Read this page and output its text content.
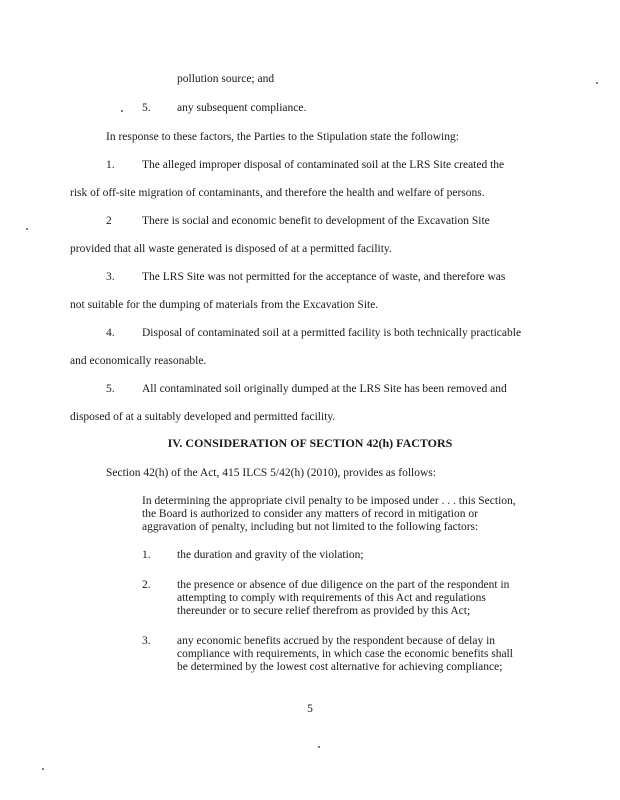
pollution source; and
5. any subsequent compliance.
In response to these factors, the Parties to the Stipulation state the following:
1. The alleged improper disposal of contaminated soil at the LRS Site created the
risk of off-site migration of contaminants, and therefore the health and welfare of persons.
2	There is social and economic benefit to development of the Excavation Site
provided that all waste generated is disposed of at a permitted facility.
3. The LRS Site was not permitted for the acceptance of waste, and therefore was
not suitable for the dumping of materials from the Excavation Site.
4. Disposal of contaminated soil at a permitted facility is both technically practicable
and economically reasonable.
5. All contaminated soil originally dumped at the LRS Site has been removed and
disposed of at a suitably developed and permitted facility.
IV. CONSIDERATION OF SECTION 42(h) FACTORS
Section 42(h) of the Act, 415 ILCS 5/42(h) (2010), provides as follows:
In determining the appropriate civil penalty to be imposed under . . . this Section,
the Board is authorized to consider any matters of record in mitigation or
aggravation of penalty, including but not limited to the following factors:
1. the duration and gravity of the violation;
2. the presence or absence of due diligence on the part of the respondent in
attempting to comply with requirements of this Act and regulations
thereunder or to secure relief therefrom as provided by this Act;
3. any economic benefits accrued by the respondent because of delay in
compliance with requirements, in which case the economic benefits shall
be determined by the lowest cost alternative for achieving compliance;
5
